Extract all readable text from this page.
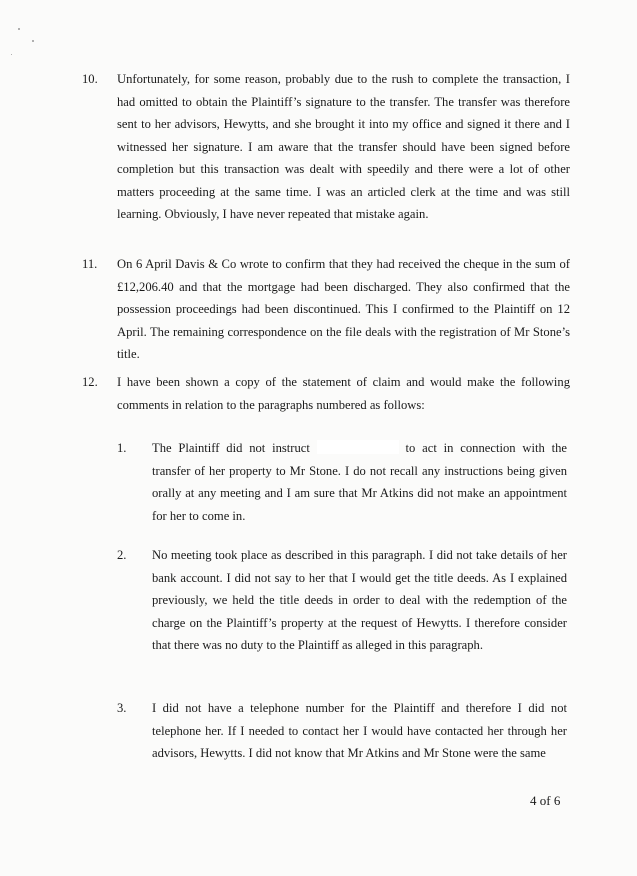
10. Unfortunately, for some reason, probably due to the rush to complete the transaction, I had omitted to obtain the Plaintiff’s signature to the transfer. The transfer was therefore sent to her advisors, Hewytts, and she brought it into my office and signed it there and I witnessed her signature. I am aware that the transfer should have been signed before completion but this transaction was dealt with speedily and there were a lot of other matters proceeding at the same time. I was an articled clerk at the time and was still learning. Obviously, I have never repeated that mistake again.
11. On 6 April Davis & Co wrote to confirm that they had received the cheque in the sum of £12,206.40 and that the mortgage had been discharged. They also confirmed that the possession proceedings had been discontinued. This I confirmed to the Plaintiff on 12 April. The remaining correspondence on the file deals with the registration of Mr Stone’s title.
12. I have been shown a copy of the statement of claim and would make the following comments in relation to the paragraphs numbered as follows:
1. The Plaintiff did not instruct	to act in connection with the transfer of her property to Mr Stone. I do not recall any instructions being given orally at any meeting and I am sure that Mr Atkins did not make an appointment for her to come in.
2. No meeting took place as described in this paragraph. I did not take details of her bank account. I did not say to her that I would get the title deeds. As I explained previously, we held the title deeds in order to deal with the redemption of the charge on the Plaintiff’s property at the request of Hewytts. I therefore consider that there was no duty to the Plaintiff as alleged in this paragraph.
3. I did not have a telephone number for the Plaintiff and therefore I did not telephone her. If I needed to contact her I would have contacted her through her advisors, Hewytts. I did not know that Mr Atkins and Mr Stone were the same
4 of 6
